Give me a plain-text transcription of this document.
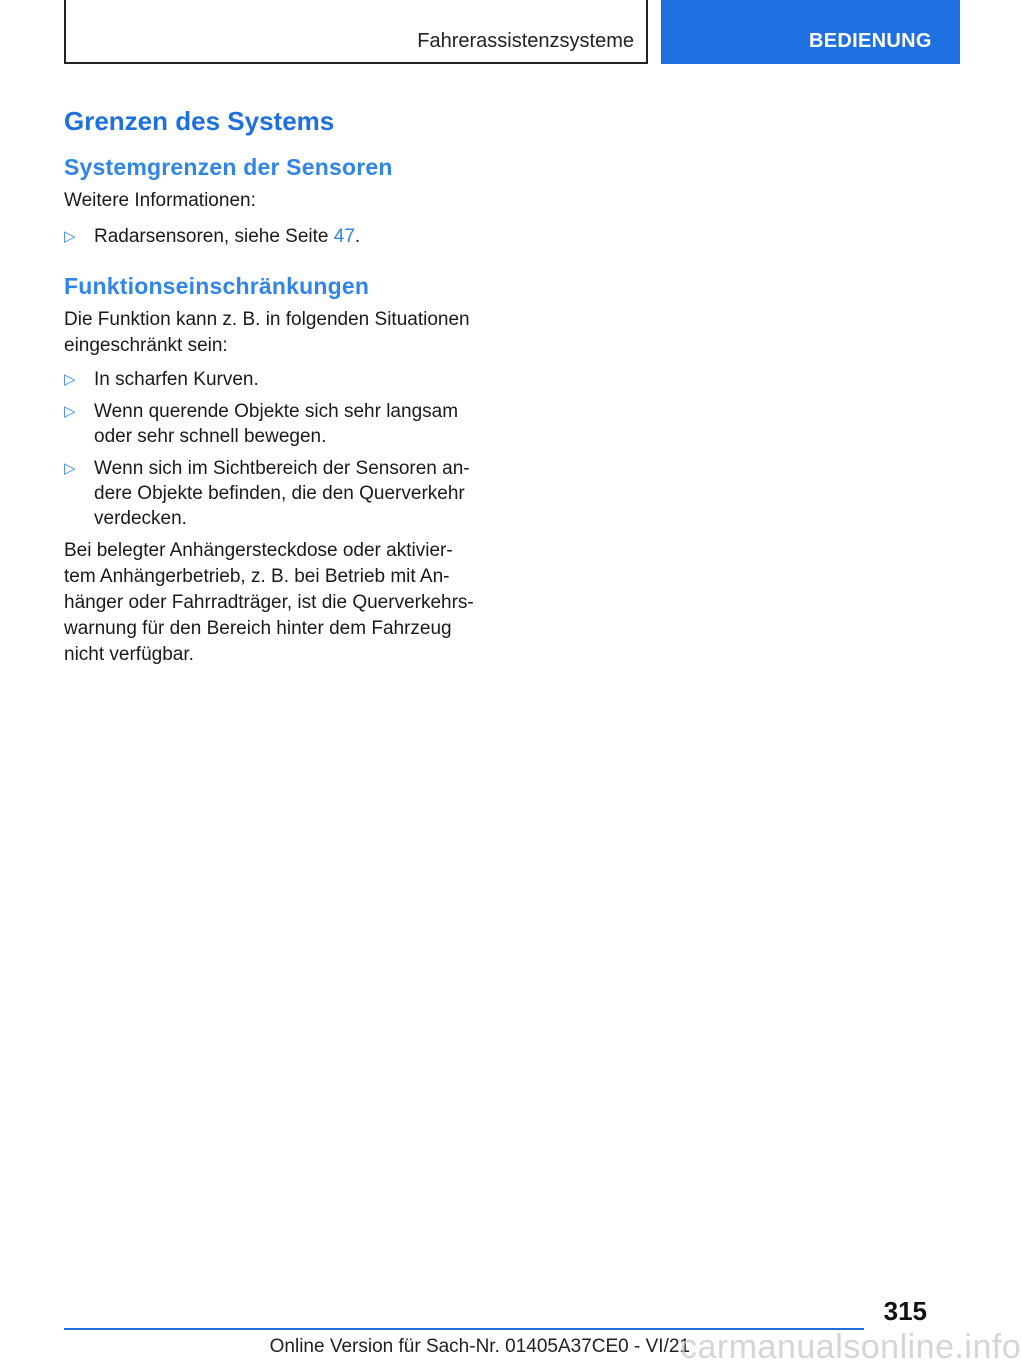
Fahrerassistenzsysteme	BEDIENUNG
Grenzen des Systems
Systemgrenzen der Sensoren

Weitere Informationen:

▷ Radarsensoren, siehe Seite 47.
Funktionseinschränkungen

Die Funktion kann z. B. in folgenden Situationen eingeschränkt sein:

▷ In scharfen Kurven.
▷ Wenn querende Objekte sich sehr langsam oder sehr schnell bewegen.
▷ Wenn sich im Sichtbereich der Sensoren an-dere Objekte befinden, die den Querverkehr verdecken.

Bei belegter Anhängersteckdose oder aktivier-tem Anhängerbetrieb, z. B. bei Betrieb mit An-hänger oder Fahrradträger, ist die Querverkehrs-warnung für den Bereich hinter dem Fahrzeug nicht verfügbar.

315
Online Version für Sach-Nr. 01405A37CE0 - VI/21
carmanualsonline.info
